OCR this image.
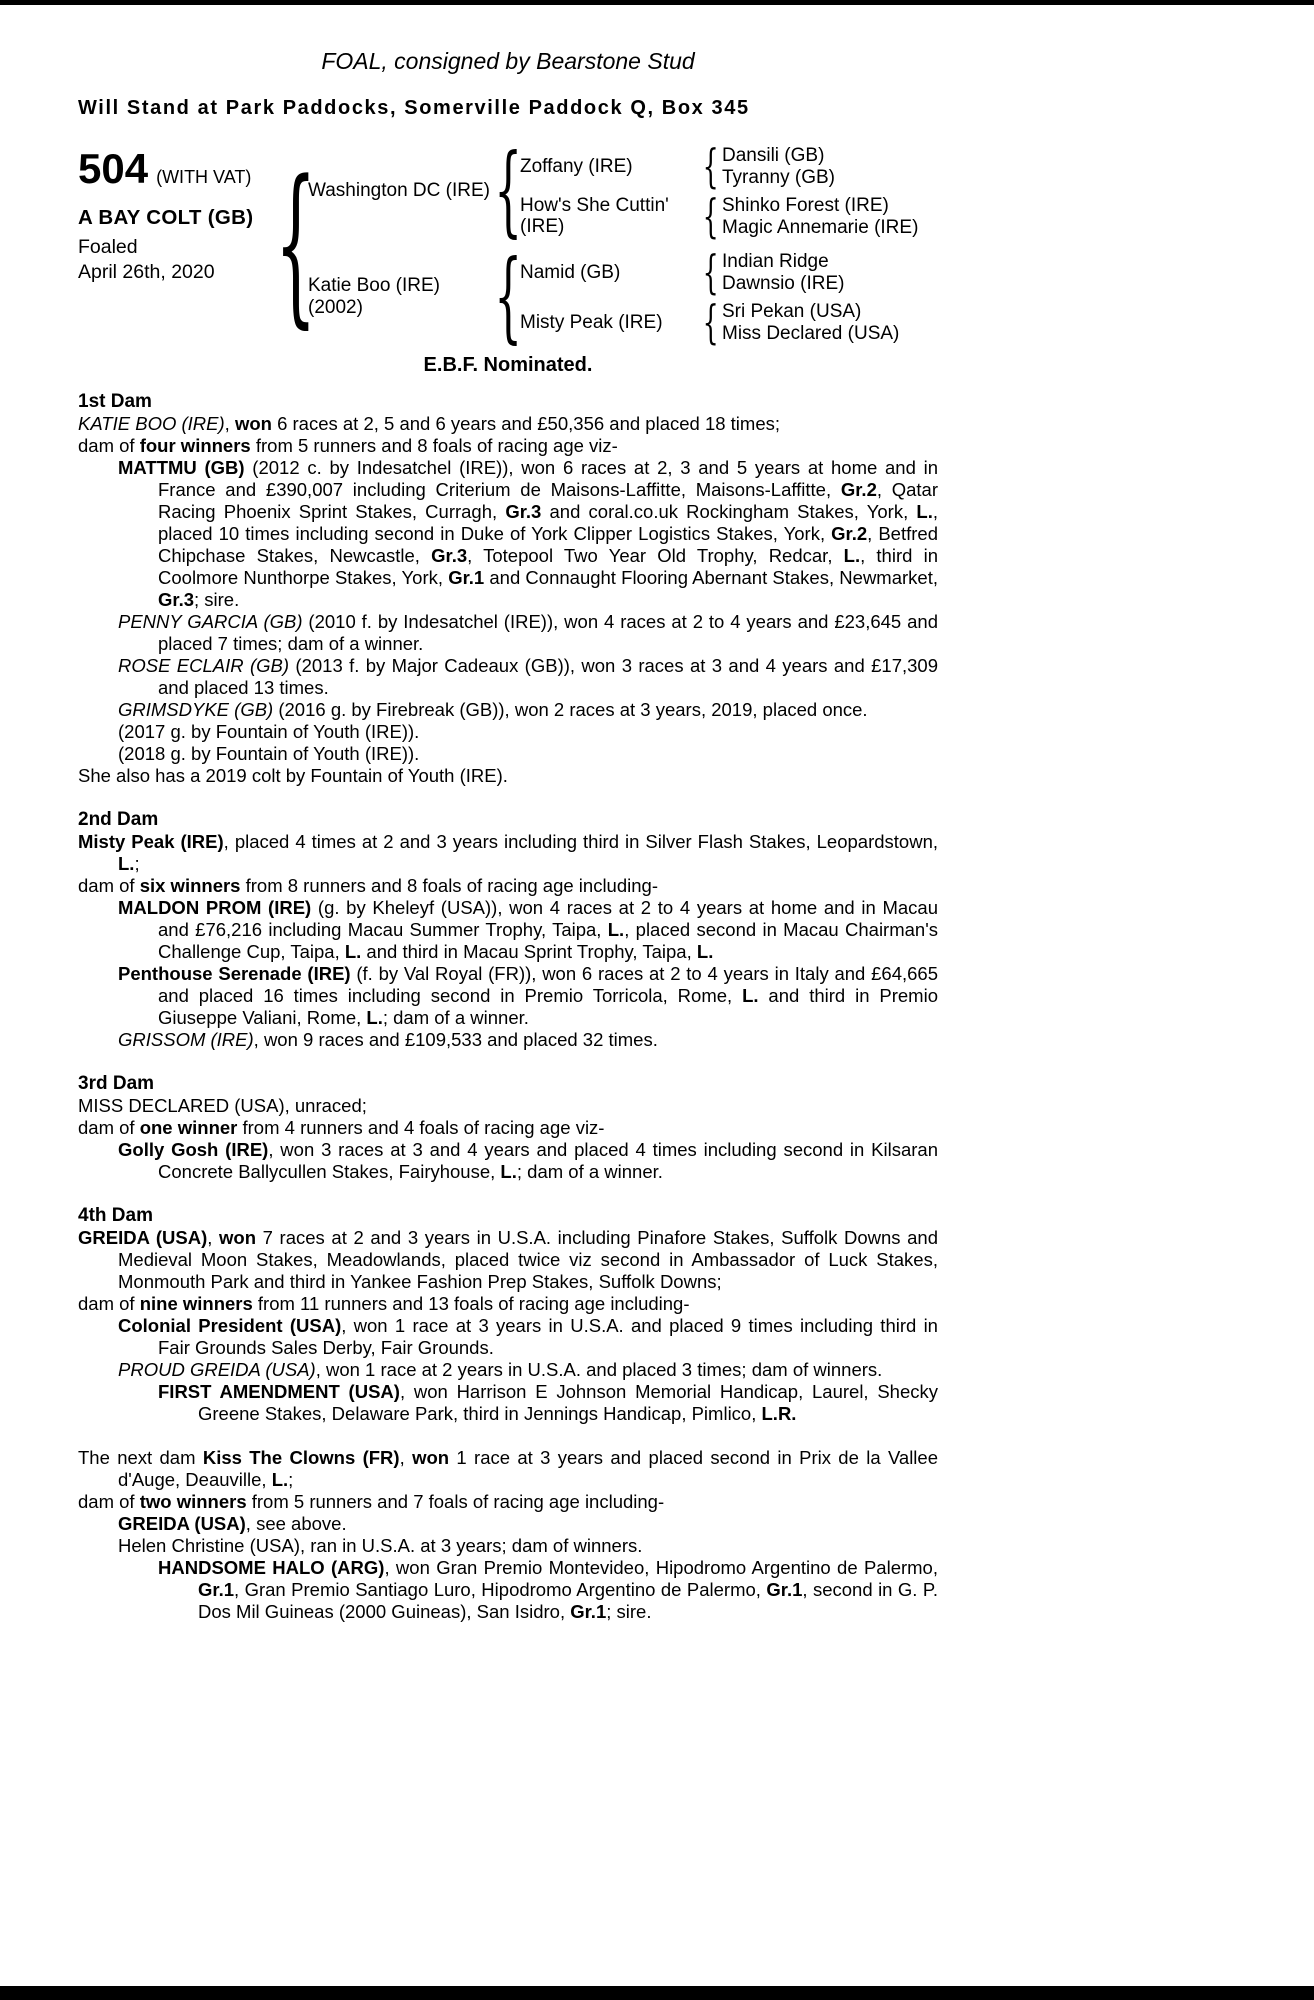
FOAL, consigned by Bearstone Stud
Will Stand at Park Paddocks, Somerville Paddock Q, Box 345
504 (WITH VAT)
A BAY COLT (GB)
Foaled
April 26th, 2020
{
Washington DC (IRE)
{
Zoffany (IRE)
{
Dansili (GB)
Tyranny (GB)
How's She Cuttin' (IRE)
{
Shinko Forest (IRE)
Magic Annemarie (IRE)
Katie Boo (IRE)
(2002)
{
Namid (GB)
{
Indian Ridge
Dawnsio (IRE)
Misty Peak (IRE)
{
Sri Pekan (USA)
Miss Declared (USA)
E.B.F. Nominated.
1st Dam

KATIE BOO (IRE), won 6 races at 2, 5 and 6 years and £50,356 and placed 18 times;

dam of four winners from 5 runners and 8 foals of racing age viz-

MATTMU (GB) (2012 c. by Indesatchel (IRE)), won 6 races at 2, 3 and 5 years at home and in France and £390,007 including Criterium de Maisons-Laffitte, Maisons-Laffitte, Gr.2, Qatar Racing Phoenix Sprint Stakes, Curragh, Gr.3 and coral.co.uk Rockingham Stakes, York, L., placed 10 times including second in Duke of York Clipper Logistics Stakes, York, Gr.2, Betfred Chipchase Stakes, Newcastle, Gr.3, Totepool Two Year Old Trophy, Redcar, L., third in Coolmore Nunthorpe Stakes, York, Gr.1 and Connaught Flooring Abernant Stakes, Newmarket, Gr.3; sire.

PENNY GARCIA (GB) (2010 f. by Indesatchel (IRE)), won 4 races at 2 to 4 years and £23,645 and placed 7 times; dam of a winner.

ROSE ECLAIR (GB) (2013 f. by Major Cadeaux (GB)), won 3 races at 3 and 4 years and £17,309 and placed 13 times.

GRIMSDYKE (GB) (2016 g. by Firebreak (GB)), won 2 races at 3 years, 2019, placed once.

(2017 g. by Fountain of Youth (IRE)).

(2018 g. by Fountain of Youth (IRE)).

She also has a 2019 colt by Fountain of Youth (IRE).

2nd Dam

Misty Peak (IRE), placed 4 times at 2 and 3 years including third in Silver Flash Stakes, Leopardstown, L.;

dam of six winners from 8 runners and 8 foals of racing age including-

MALDON PROM (IRE) (g. by Kheleyf (USA)), won 4 races at 2 to 4 years at home and in Macau and £76,216 including Macau Summer Trophy, Taipa, L., placed second in Macau Chairman's Challenge Cup, Taipa, L. and third in Macau Sprint Trophy, Taipa, L.

Penthouse Serenade (IRE) (f. by Val Royal (FR)), won 6 races at 2 to 4 years in Italy and £64,665 and placed 16 times including second in Premio Torricola, Rome, L. and third in Premio Giuseppe Valiani, Rome, L.; dam of a winner.

GRISSOM (IRE), won 9 races and £109,533 and placed 32 times.

3rd Dam

MISS DECLARED (USA), unraced;

dam of one winner from 4 runners and 4 foals of racing age viz-

Golly Gosh (IRE), won 3 races at 3 and 4 years and placed 4 times including second in Kilsaran Concrete Ballycullen Stakes, Fairyhouse, L.; dam of a winner.

4th Dam

GREIDA (USA), won 7 races at 2 and 3 years in U.S.A. including Pinafore Stakes, Suffolk Downs and Medieval Moon Stakes, Meadowlands, placed twice viz second in Ambassador of Luck Stakes, Monmouth Park and third in Yankee Fashion Prep Stakes, Suffolk Downs;

dam of nine winners from 11 runners and 13 foals of racing age including-

Colonial President (USA), won 1 race at 3 years in U.S.A. and placed 9 times including third in Fair Grounds Sales Derby, Fair Grounds.

PROUD GREIDA (USA), won 1 race at 2 years in U.S.A. and placed 3 times; dam of winners.

FIRST AMENDMENT (USA), won Harrison E Johnson Memorial Handicap, Laurel, Shecky Greene Stakes, Delaware Park, third in Jennings Handicap, Pimlico, L.R.

The next dam Kiss The Clowns (FR), won 1 race at 3 years and placed second in Prix de la Vallee d'Auge, Deauville, L.;

dam of two winners from 5 runners and 7 foals of racing age including-

GREIDA (USA), see above.

Helen Christine (USA), ran in U.S.A. at 3 years; dam of winners.

HANDSOME HALO (ARG), won Gran Premio Montevideo, Hipodromo Argentino de Palermo, Gr.1, Gran Premio Santiago Luro, Hipodromo Argentino de Palermo, Gr.1, second in G. P. Dos Mil Guineas (2000 Guineas), San Isidro, Gr.1; sire.
